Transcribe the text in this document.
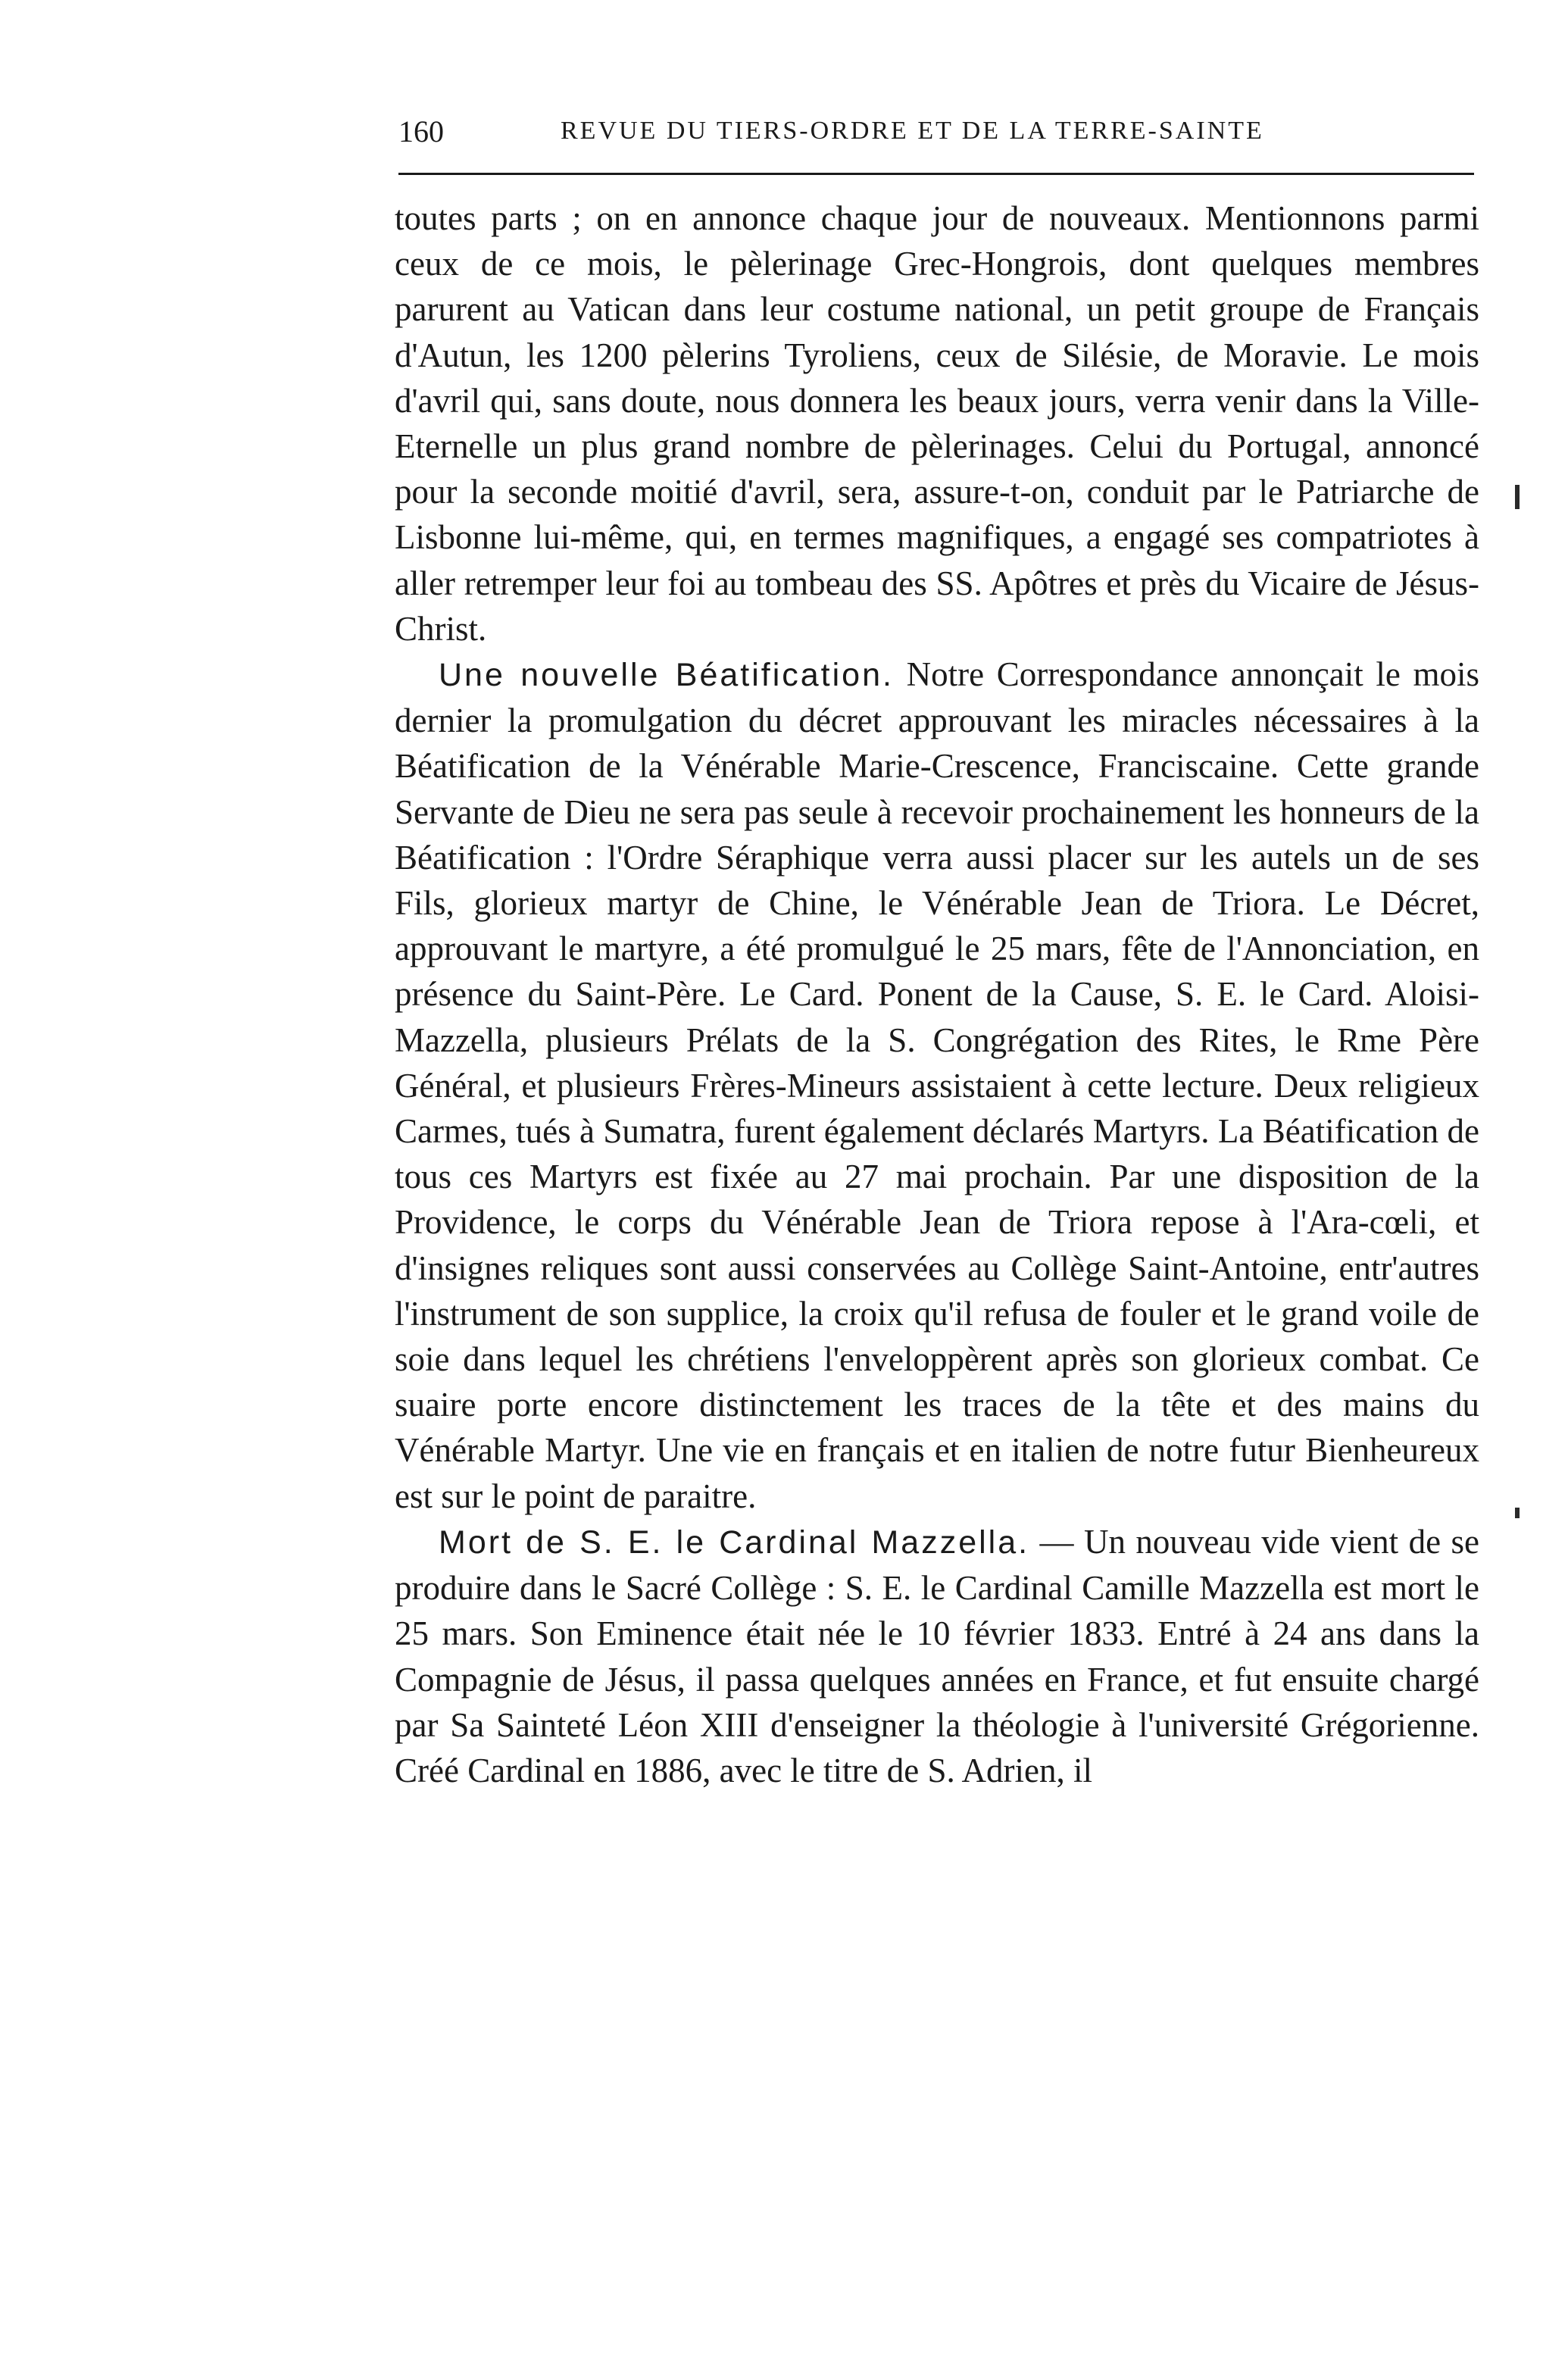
160	REVUE DU TIERS-ORDRE ET DE LA TERRE-SAINTE

toutes parts ; on en annonce chaque jour de nouveaux. Mentionnons parmi ceux de ce mois, le pèlerinage Grec-Hongrois, dont quelques membres parurent au Vatican dans leur costume national, un petit groupe de Français d'Autun, les 1200 pèlerins Tyroliens, ceux de Silésie, de Moravie. Le mois d'avril qui, sans doute, nous donnera les beaux jours, verra venir dans la Ville-Eternelle un plus grand nombre de pèlerinages. Celui du Portugal, annoncé pour la seconde moitié d'avril, sera, assure-t-on, conduit par le Patriarche de Lisbonne lui-même, qui, en termes magnifiques, a engagé ses compatriotes à aller retremper leur foi au tombeau des SS. Apôtres et près du Vicaire de Jésus-Christ.

Une nouvelle Béatification. Notre Correspondance annonçait le mois dernier la promulgation du décret approuvant les miracles nécessaires à la Béatification de la Vénérable Marie-Crescence, Franciscaine. Cette grande Servante de Dieu ne sera pas seule à recevoir prochainement les honneurs de la Béatification : l'Ordre Séraphique verra aussi placer sur les autels un de ses Fils, glorieux martyr de Chine, le Vénérable Jean de Triora. Le Décret, approuvant le martyre, a été promulgué le 25 mars, fête de l'Annonciation, en présence du Saint-Père. Le Card. Ponent de la Cause, S. E. le Card. Aloisi-Mazzella, plusieurs Prélats de la S. Congrégation des Rites, le Rme Père Général, et plusieurs Frères-Mineurs assistaient à cette lecture. Deux religieux Carmes, tués à Sumatra, furent également déclarés Martyrs. La Béatification de tous ces Martyrs est fixée au 27 mai prochain. Par une disposition de la Providence, le corps du Vénérable Jean de Triora repose à l'Ara-cœli, et d'insignes reliques sont aussi conservées au Collège Saint-Antoine, entr'autres l'instrument de son supplice, la croix qu'il refusa de fouler et le grand voile de soie dans lequel les chrétiens l'enveloppèrent après son glorieux combat. Ce suaire porte encore distinctement les traces de la tête et des mains du Vénérable Martyr. Une vie en français et en italien de notre futur Bienheureux est sur le point de paraitre.

Mort de S. E. le Cardinal Mazzella. — Un nouveau vide vient de se produire dans le Sacré Collège : S. E. le Cardinal Camille Mazzella est mort le 25 mars. Son Eminence était née le 10 février 1833. Entré à 24 ans dans la Compagnie de Jésus, il passa quelques années en France, et fut ensuite chargé par Sa Sainteté Léon XIII d'enseigner la théologie à l'université Grégorienne. Créé Cardinal en 1886, avec le titre de S. Adrien, il
